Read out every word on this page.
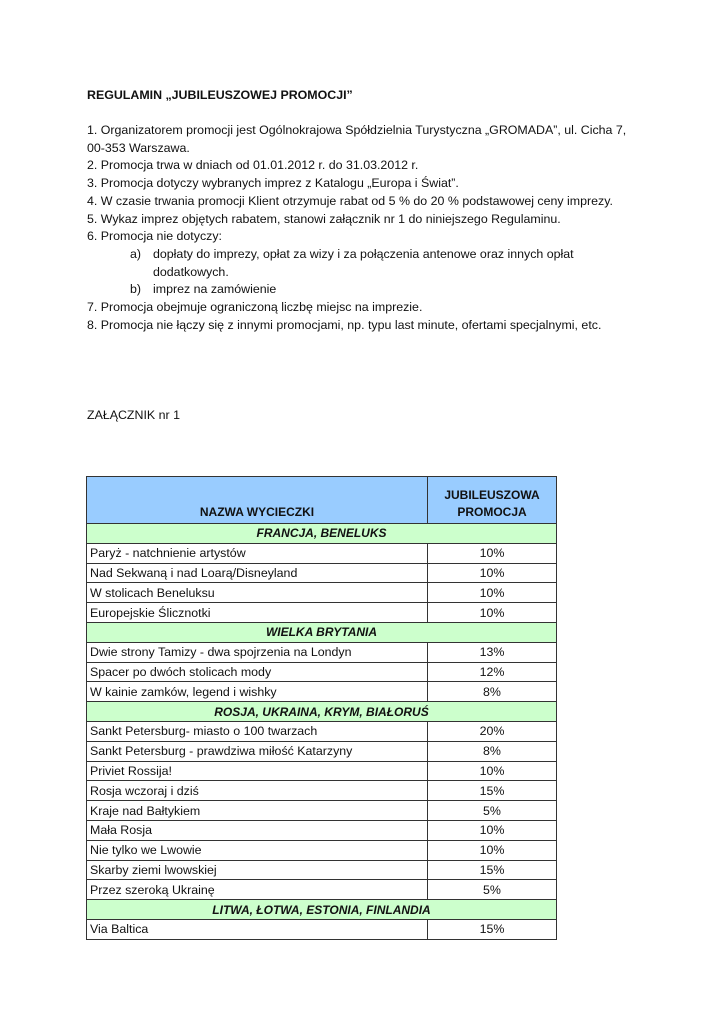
REGULAMIN „JUBILEUSZOWEJ PROMOCJI”

1. Organizatorem promocji jest Ogólnokrajowa Spółdzielnia Turystyczna „GROMADA”, ul. Cicha 7, 00-353 Warszawa.

2. Promocja trwa w dniach od 01.01.2012 r. do 31.03.2012 r.

3. Promocja dotyczy wybranych imprez z Katalogu „Europa i Świat”.

4. W czasie trwania promocji Klient otrzymuje rabat od 5 % do 20 % podstawowej ceny imprezy.

5. Wykaz imprez objętych rabatem, stanowi załącznik nr 1 do niniejszego Regulaminu.

6. Promocja nie dotyczy:

a) dopłaty do imprezy, opłat za wizy i za połączenia antenowe oraz innych opłat dodatkowych.

b) imprez na zamówienie

7. Promocja obejmuje ograniczoną liczbę miejsc na imprezie.

8. Promocja nie łączy się z innymi promocjami, np. typu last minute, ofertami specjalnymi, etc.

ZAŁĄCZNIK nr 1
NAZWA WYCIECZKI	JUBILEUSZOWA
PROMOCJA
FRANCJA, BENELUKS	
Paryż - natchnienie artystów	10%
Nad Sekwaną i nad Loarą/Disneyland	10%
W stolicach Beneluksu	10%
Europejskie Ślicznotki	10%
WIELKA BRYTANIA	
Dwie strony Tamizy - dwa spojrzenia na Londyn	13%
Spacer po dwóch stolicach mody	12%
W kainie zamków, legend i wishky	8%
ROSJA, UKRAINA, KRYM, BIAŁORUŚ	
Sankt Petersburg- miasto o 100 twarzach	20%
Sankt Petersburg - prawdziwa miłość Katarzyny	8%
Priviet Rossija!	10%
Rosja wczoraj i dziś	15%
Kraje nad Bałtykiem	5%
Mała Rosja	10%
Nie tylko we Lwowie	10%
Skarby ziemi lwowskiej	15%
Przez szeroką Ukrainę	5%
LITWA, ŁOTWA, ESTONIA, FINLANDIA	
Via Baltica	15%
